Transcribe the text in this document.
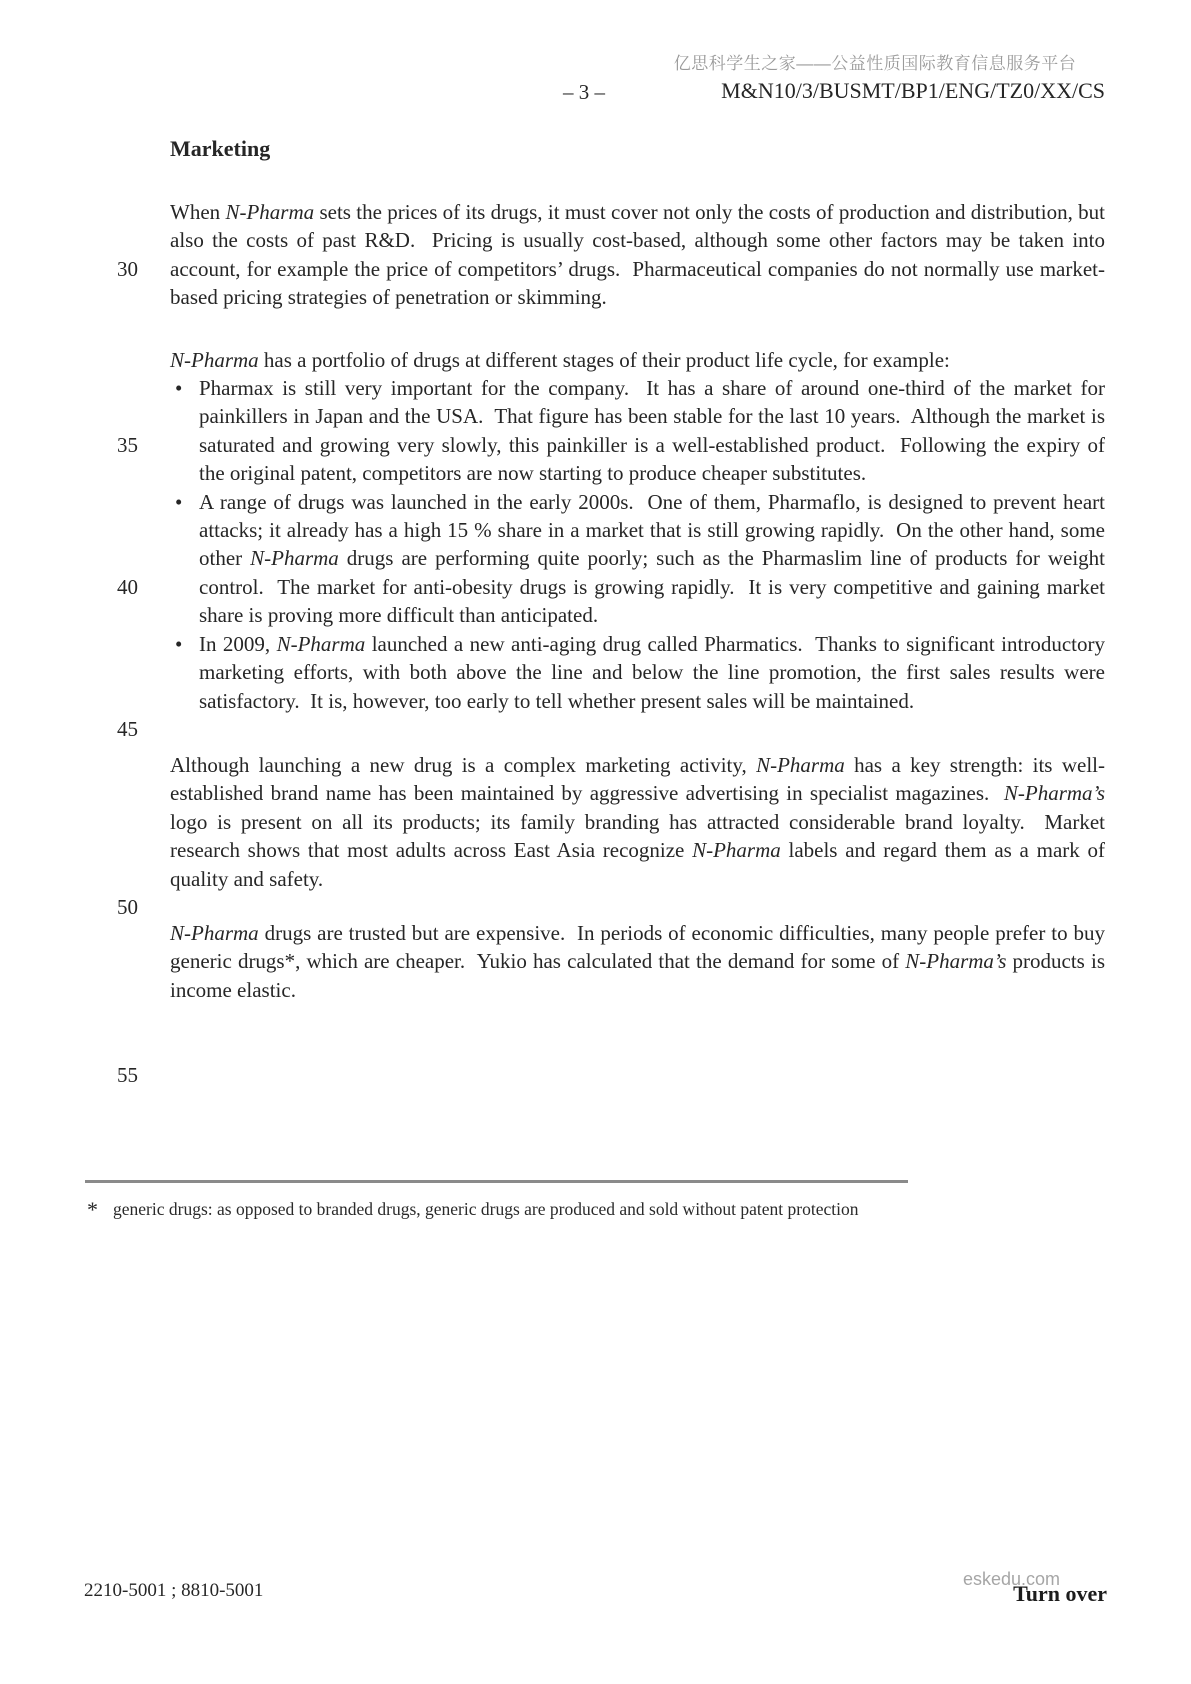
亿思科学生之家——公益性质国际教育信息服务平台
– 3 –	M&N10/3/BUSMT/BP1/ENG/TZ0/XX/CS
Marketing
30
35
40
45
50
55

When N-Pharma sets the prices of its drugs, it must cover not only the costs of production and distribution, but also the costs of past R&D.  Pricing is usually cost-based, although some other factors may be taken into account, for example the price of competitors’ drugs.  Pharmaceutical companies do not normally use market-based pricing strategies of penetration or skimming.

N-Pharma has a portfolio of drugs at different stages of their product life cycle, for example:

• Pharmax is still very important for the company.  It has a share of around one-third of the market for painkillers in Japan and the USA.  That figure has been stable for the last 10 years.  Although the market is saturated and growing very slowly, this painkiller is a well-established product.  Following the expiry of the original patent, competitors are now starting to produce cheaper substitutes.
• A range of drugs was launched in the early 2000s.  One of them, Pharmaflo, is designed to prevent heart attacks; it already has a high 15 % share in a market that is still growing rapidly.  On the other hand, some other N-Pharma drugs are performing quite poorly; such as the Pharmaslim line of products for weight control.  The market for anti-obesity drugs is growing rapidly.  It is very competitive and gaining market share is proving more difficult than anticipated.
• In 2009, N-Pharma launched a new anti-aging drug called Pharmatics.  Thanks to significant introductory marketing efforts, with both above the line and below the line promotion, the first sales results were satisfactory.  It is, however, too early to tell whether present sales will be maintained.

Although launching a new drug is a complex marketing activity, N-Pharma has a key strength: its well-established brand name has been maintained by aggressive advertising in specialist magazines.  N-Pharma’s logo is present on all its products; its family branding has attracted considerable brand loyalty.  Market research shows that most adults across East Asia recognize N-Pharma labels and regard them as a mark of quality and safety.

N-Pharma drugs are trusted but are expensive.  In periods of economic difficulties, many people prefer to buy generic drugs*, which are cheaper.  Yukio has calculated that the demand for some of N-Pharma’s products is income elastic.

* generic drugs: as opposed to branded drugs, generic drugs are produced and sold without patent protection
2210-5001 ; 8810-5001
eskedu.com
Turn over
